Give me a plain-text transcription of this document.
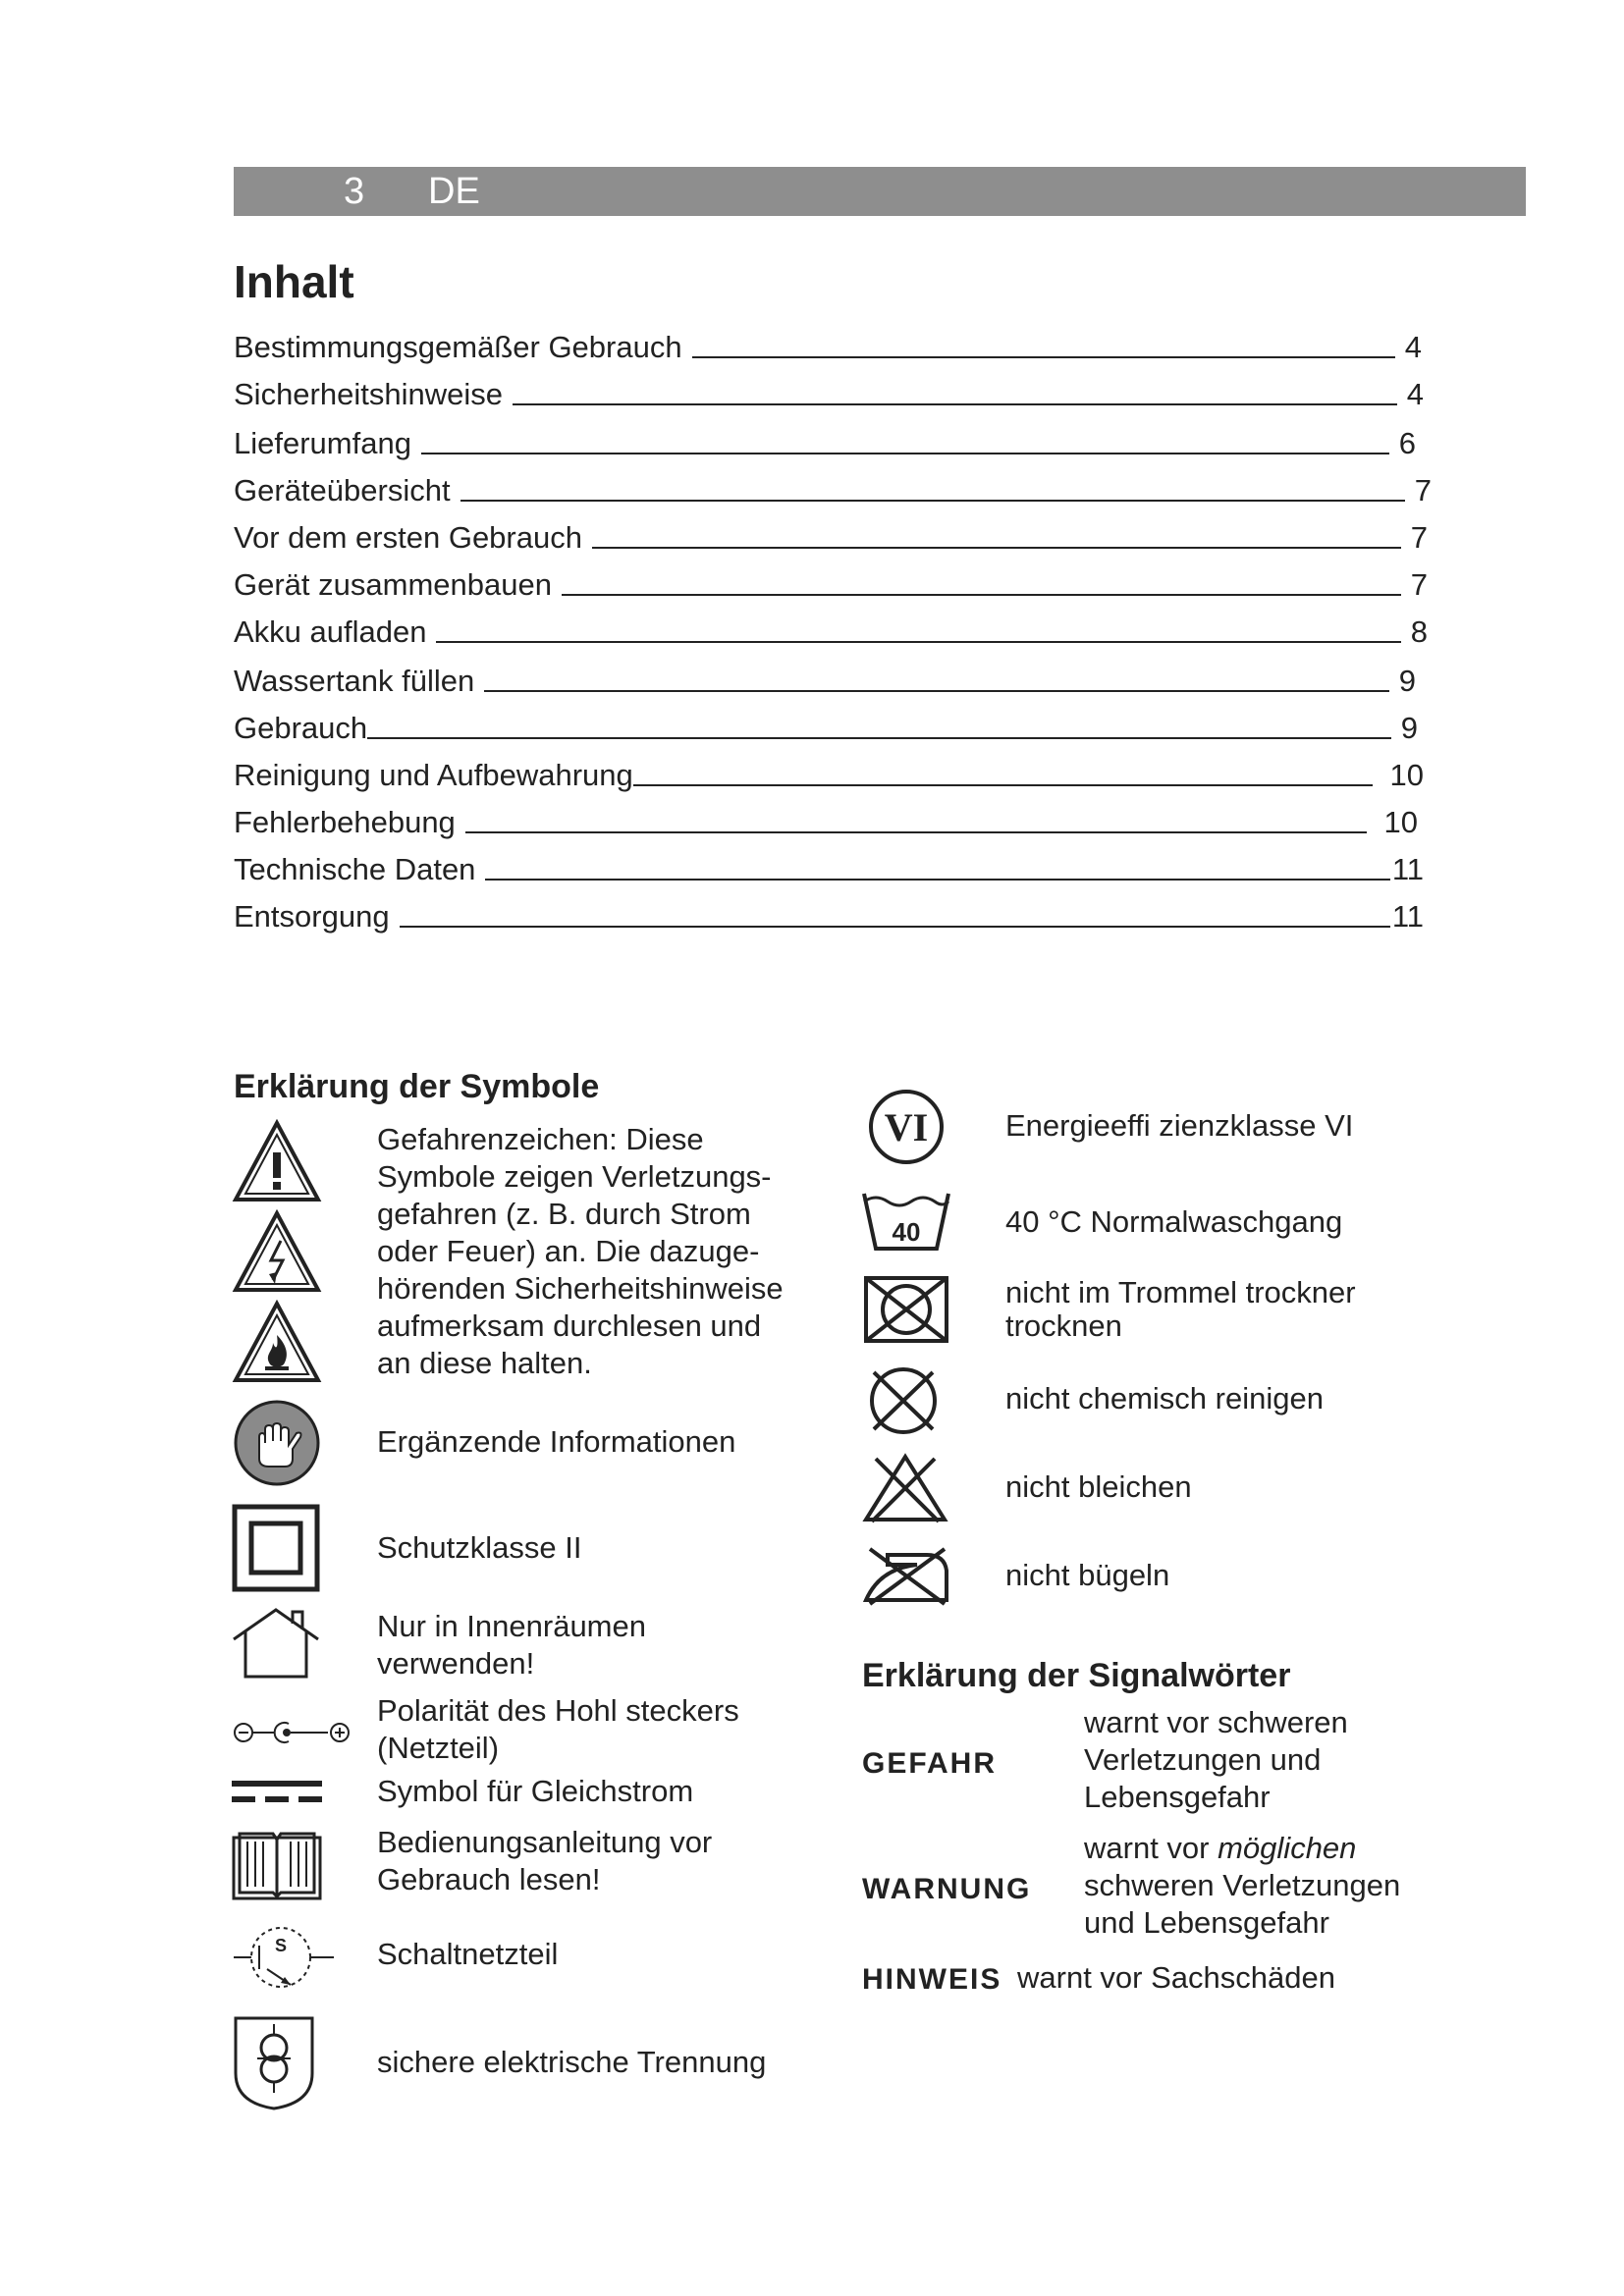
3 DE
Inhalt
Bestimmungsgemäßer Gebrauch	4
Sicherheitshinweise	4
Lieferumfang	6
Geräteübersicht	7
Vor dem ersten Gebrauch	7
Gerät zusammenbauen	7
Akku aufladen	8
Wassertank füllen	9
Gebrauch	9
Reinigung und Aufbewahrung	10
Fehlerbehebung	10
Technische Daten	11
Entsorgung	11
Erklärung der Symbole
Gefahrenzeichen: Diese
Symbole zeigen Verletzungs-
gefahren (z. B. durch Strom
oder Feuer) an. Die dazuge-
hörenden Sicherheitshinweise
aufmerksam durchlesen und
an diese halten.
Ergänzende Informationen
Schutzklasse II
Nur in Innenräumen
verwenden!
Polarität des Hohl steckers
(Netzteil)
Symbol für Gleichstrom
Bedienungsanleitung vor
Gebrauch lesen!
S	Schaltnetzteil
sichere elektrische Trennung
VI	Energieeffi zienzklasse VI
40	40 °C Normalwaschgang
nicht im Trommel trockner
trocknen
nicht chemisch reinigen
nicht bleichen
nicht bügeln
Erklärung der Signalwörter
GEFAHR
warnt vor schweren
Verletzungen und
Lebensgefahr
WARNUNG
warnt vor möglichen
schweren Verletzungen
und Lebensgefahr
HINWEIS warnt vor Sachschäden
